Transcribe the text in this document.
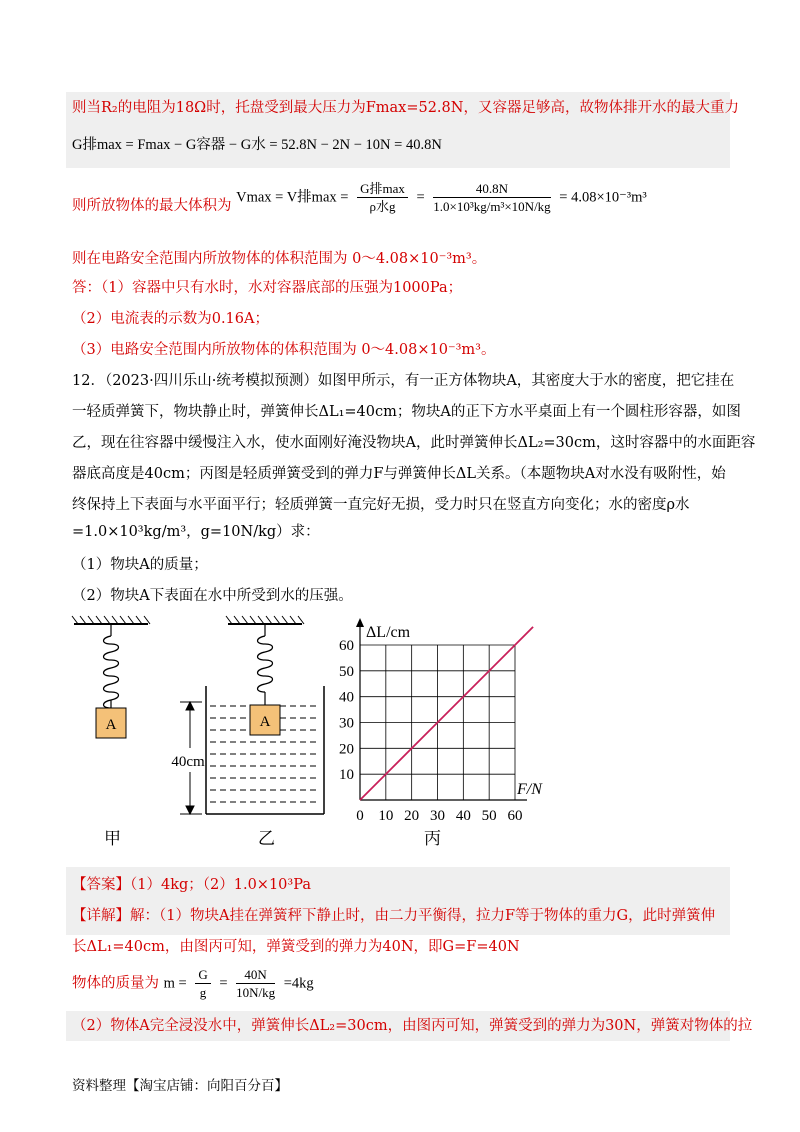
则当R₂的电阻为18Ω时，托盘受到最大压力为Fmax=52.8N，又容器足够高，故物体排开水的最大重力
G排max = Fmax − G容器 − G水 = 52.8N − 2N − 10N = 40.8N
则所放物体的最大体积为 Vmax = V排$\max = \frac{\text{G排max}}{\text{ρ水g}} = \frac{40.8N}{\text{1.0×10³kg/m³×10N/kg}} = 4.08\times 10^{-3}m^3$
则在电路安全范围内所放物体的体积范围为 0～4.08×10⁻³m³。
答：（1）容器中只有水时，水对容器底部的压强为1000Pa；
（2）电流表的示数为0.16A；
（3）电路安全范围内所放物体的体积范围为 0～4.08×10⁻³m³。
12．（2023·四川乐山·统考模拟预测）如图甲所示，有一正方体物块A，其密度大于水的密度，把它挂在
一轻质弹簧下，物块静止时，弹簧伸长ΔL₁=40cm；物块A的正下方水平桌面上有一个圆柱形容器，如图
乙，现在往容器中缓慢注入水，使水面刚好淹没物块A，此时弹簧伸长ΔL₂=30cm，这时容器中的水面距容
器底高度是40cm；丙图是轻质弹簧受到的弹力F与弹簧伸长ΔL关系。（本题物块A对水没有吸附性，始
终保持上下表面与水平面平行；轻质弹簧一直完好无损，受力时只在竖直方向变化；水的密度ρ水
=1.0×10³kg/m³，g=10N/kg）求：
（1）物块A的质量；
（2）物块A下表面在水中所受到水的压强。
A	A
40cm
甲	乙	丙
0 10 20 30 40 50 60
10
20
30
40
50
60
ΔL/cm
F/N
【答案】（1）4kg；（2）1.0×10³Pa
【详解】解：（1）物块A挂在弹簧秤下静止时，由二力平衡得，拉力F等于物体的重力G，此时弹簧伸
长ΔL₁=40cm，由图丙可知，弹簧受到的弹力为40N，即G=F=40N
物体的质量为 $m = \frac{G}{g} = \frac{40N}{10N/kg} =4kg$
（2）物体A完全浸没水中，弹簧伸长ΔL₂=30cm，由图丙可知，弹簧受到的弹力为30N，弹簧对物体的拉
资料整理【淘宝店铺：向阳百分百】
